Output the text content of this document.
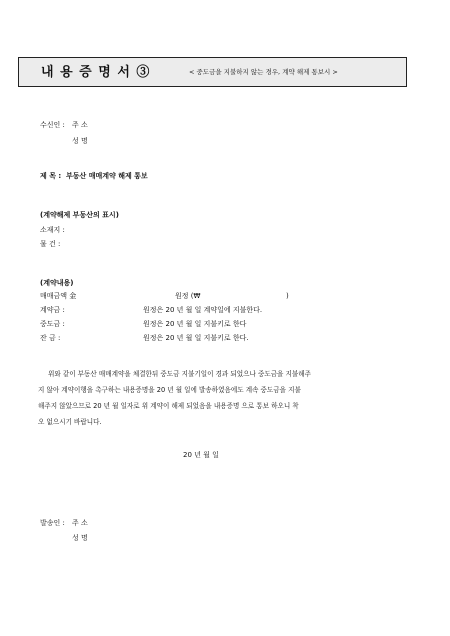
내 용 증 명 서 ③	< 중도금을 지불하지 않는 경우, 계약 해제 통보시 >
수신인 : 주 소
성 명
제 목 : 부동산 매매계약 해제 통보
(계약해제 부동산의 표시)
소재지 :
물 건 :
(계약내용)
매매금액 金	원정 (₩	)
계약금 :	원정은 20 년 월 일 계약일에 지불한다.
중도금 :	원정은 20 년 월 일 지불키로 한다
잔 금 :	원정은 20 년 월 일 지불키로 한다.
위와 같이 부동산 매매계약을 체결한뒤 중도금 지불기일이 경과 되었으나 중도금을 지불해주
지 않아 계약이행을 촉구하는 내용증명을 20 년 월 일에 발송하였음에도 계속 중도금을 지불
해주지 않았으므로 20 년 월 일자로 위 계약이 해제 되었음을 내용증명 으로 통보 하오니 착
오 없으시기 바랍니다.
20 년 월 일
발송인 : 주 소
성 명
